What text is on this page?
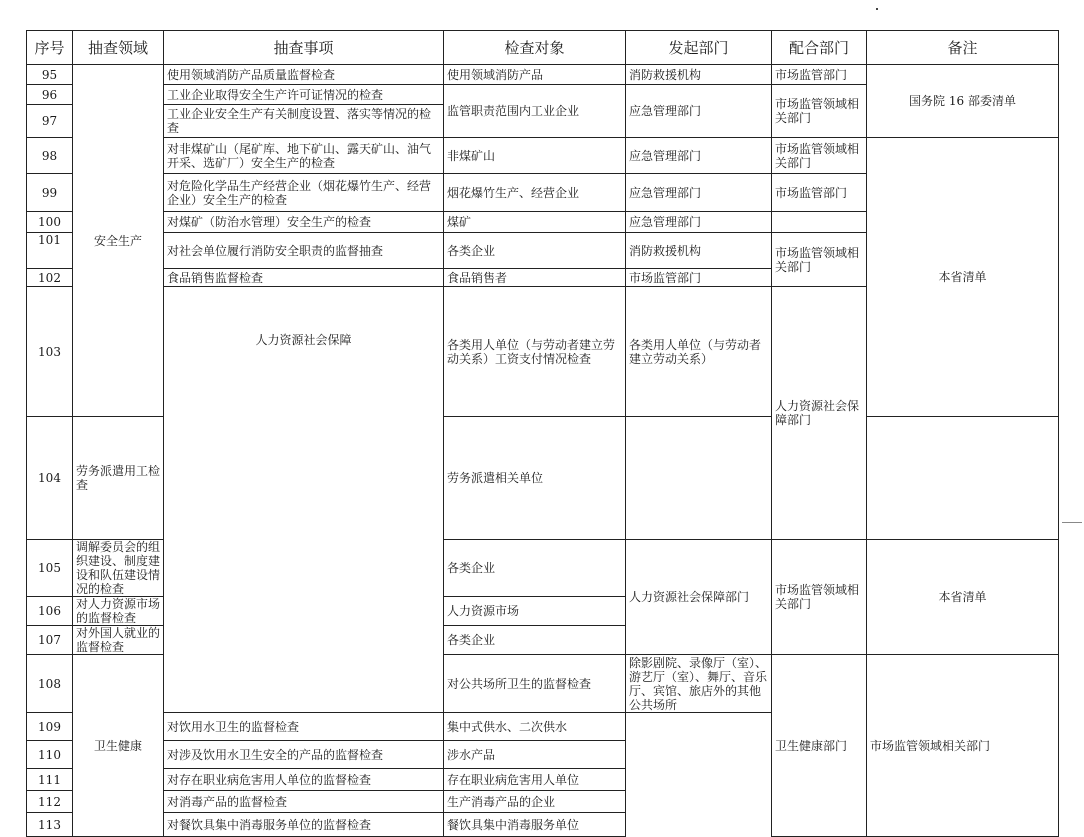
序号	抽查领域	抽查事项	检查对象	发起部门	配合部门	备注	
95	安全生产	使用领域消防产品质量监督检查	使用领域消防产品	消防救援机构	市场监管部门	国务院 16 部委清单	
96		工业企业取得安全生产许可证情况的检查	监管职责范围内工业企业	应急管理部门	市场监管领域相关部门		
97		工业企业安全生产有关制度设置、落实等情况的检查					
98		对非煤矿山（尾矿库、地下矿山、露天矿山、油气开采、选矿厂）安全生产的检查	非煤矿山	应急管理部门	市场监管领域相关部门	本省清单	
99		对危险化学品生产经营企业（烟花爆竹生产、经营企业）安全生产的检查	烟花爆竹生产、经营企业	应急管理部门	市场监管部门		
100		对煤矿（防治水管理）安全生产的检查	煤矿	应急管理部门			
101		对社会单位履行消防安全职责的监督抽查	各类企业	消防救援机构	市场监管领域相关部门		
102		食品销售监督检查	食品销售者	市场监管部门			
103		人力资源社会保障	各类用人单位（与劳动者建立劳动关系）工资支付情况检查	各类用人单位（与劳动者建立劳动关系）	人力资源社会保障部门		
104	劳务派遣用工检查		劳务派遣相关单位				
105	调解委员会的组织建设、制度建设和队伍建设情况的检查		各类企业	人力资源社会保障部门	市场监管领域相关部门	本省清单	
106	对人力资源市场的监督检查		人力资源市场				
107	对外国人就业的监督检查		各类企业				
108	卫生健康		对公共场所卫生的监督检查	除影剧院、录像厅（室）、游艺厅（室）、舞厅、音乐厅、宾馆、旅店外的其他公共场所	卫生健康部门	市场监管领域相关部门	
109		对饮用水卫生的监督检查	集中式供水、二次供水				
110		对涉及饮用水卫生安全的产品的监督检查	涉水产品				
111		对存在职业病危害用人单位的监督检查	存在职业病危害用人单位				
112		对消毒产品的监督检查	生产消毒产品的企业				
113		对餐饮具集中消毒服务单位的监督检查	餐饮具集中消毒服务单位				
